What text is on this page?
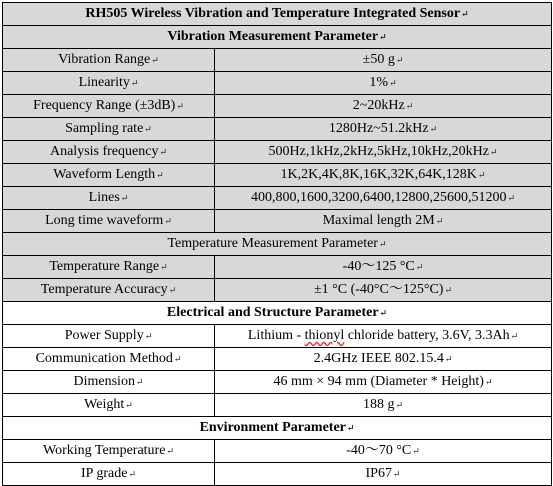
RH505 Wireless Vibration and Temperature Integrated Sensor↵	
Vibration Measurement Parameter↵	
Vibration Range↵	±50 g↵
Linearity↵	1%↵
Frequency Range (±3dB)↵	2~20kHz↵
Sampling rate↵	1280Hz~51.2kHz↵
Analysis frequency↵	500Hz,1kHz,2kHz,5kHz,10kHz,20kHz↵
Waveform Length↵	1K,2K,4K,8K,16K,32K,64K,128K↵
Lines↵	400,800,1600,3200,6400,12800,25600,51200↵
Long time waveform↵	Maximal length 2M↵
Temperature Measurement Parameter↵	
Temperature Range↵	-40～125 °C↵
Temperature Accuracy↵	±1 °C (-40°C～125°C)↵
Electrical and Structure Parameter↵	
Power Supply↵	Lithium - thionyl chloride battery, 3.6V, 3.3Ah↵
Communication Method↵	2.4GHz IEEE 802.15.4↵
Dimension↵	46 mm × 94 mm (Diameter * Height)↵
Weight↵	188 g↵
Environment Parameter↵	
Working Temperature↵	-40～70 °C↵
IP grade↵	IP67↵
